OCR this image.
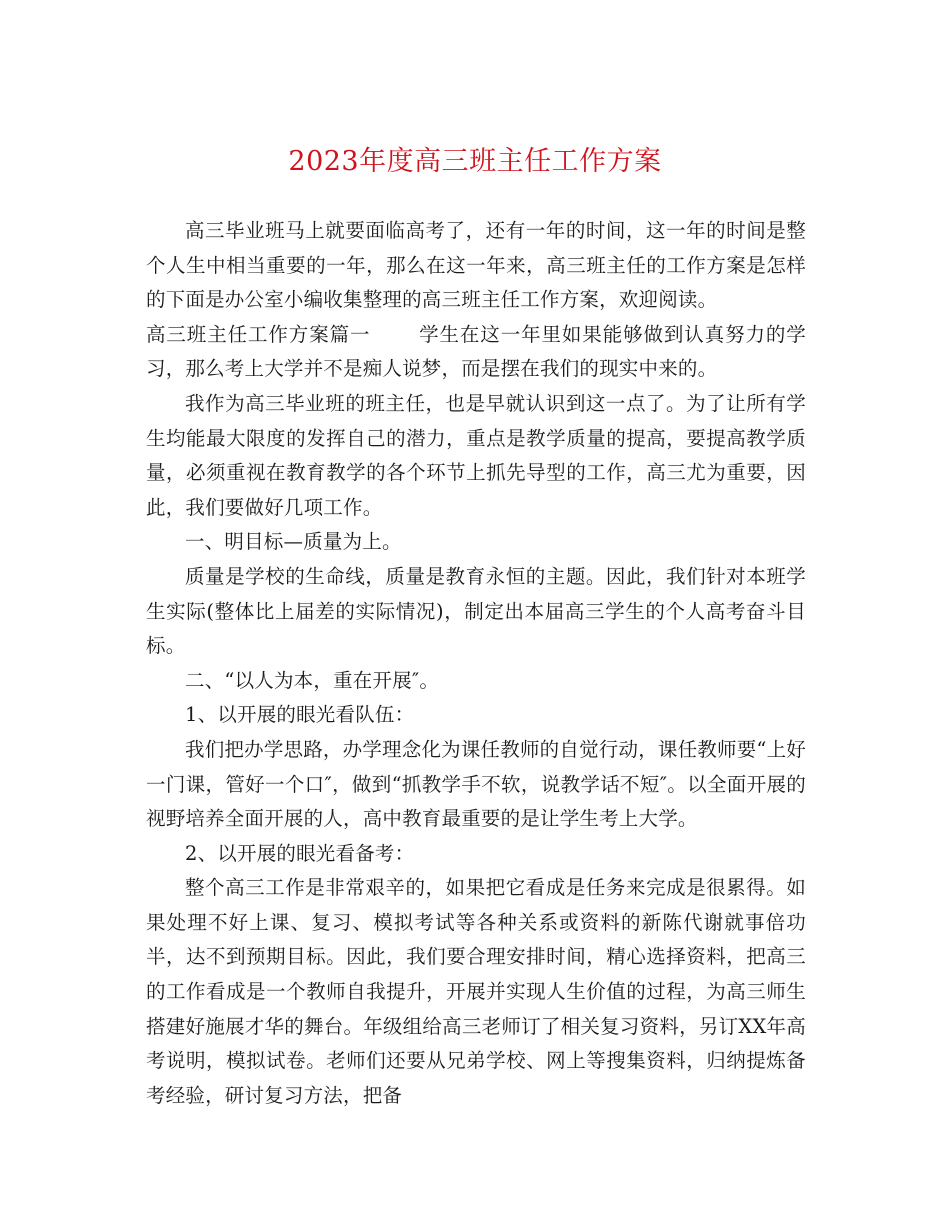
2023年度高三班主任工作方案

高三毕业班马上就要面临高考了，还有一年的时间，这一年的时间是整个人生中相当重要的一年，那么在这一年来，高三班主任的工作方案是怎样的下面是办公室小编收集整理的高三班主任工作方案，欢迎阅读。

高三班主任工作方案篇一 学生在这一年里如果能够做到认真努力的学习，那么考上大学并不是痴人说梦，而是摆在我们的现实中来的。

我作为高三毕业班的班主任，也是早就认识到这一点了。为了让所有学生均能最大限度的发挥自己的潜力，重点是教学质量的提高，要提高教学质量，必须重视在教育教学的各个环节上抓先导型的工作，高三尤为重要，因此，我们要做好几项工作。

一、明目标—质量为上。

质量是学校的生命线，质量是教育永恒的主题。因此，我们针对本班学生实际(整体比上届差的实际情况)，制定出本届高三学生的个人高考奋斗目标。

二、“以人为本，重在开展″。

1、以开展的眼光看队伍：

我们把办学思路，办学理念化为课任教师的自觉行动，课任教师要“上好一门课，管好一个口″，做到“抓教学手不软，说教学话不短″。以全面开展的视野培养全面开展的人，高中教育最重要的是让学生考上大学。

2、以开展的眼光看备考：

整个高三工作是非常艰辛的，如果把它看成是任务来完成是很累得。如果处理不好上课、复习、模拟考试等各种关系或资料的新陈代谢就事倍功半，达不到预期目标。因此，我们要合理安排时间，精心选择资料，把高三的工作看成是一个教师自我提升，开展并实现人生价值的过程，为高三师生搭建好施展才华的舞台。年级组给高三老师订了相关复习资料，另订XX年高考说明，模拟试卷。老师们还要从兄弟学校、网上等搜集资料，归纳提炼备考经验，研讨复习方法，把备
